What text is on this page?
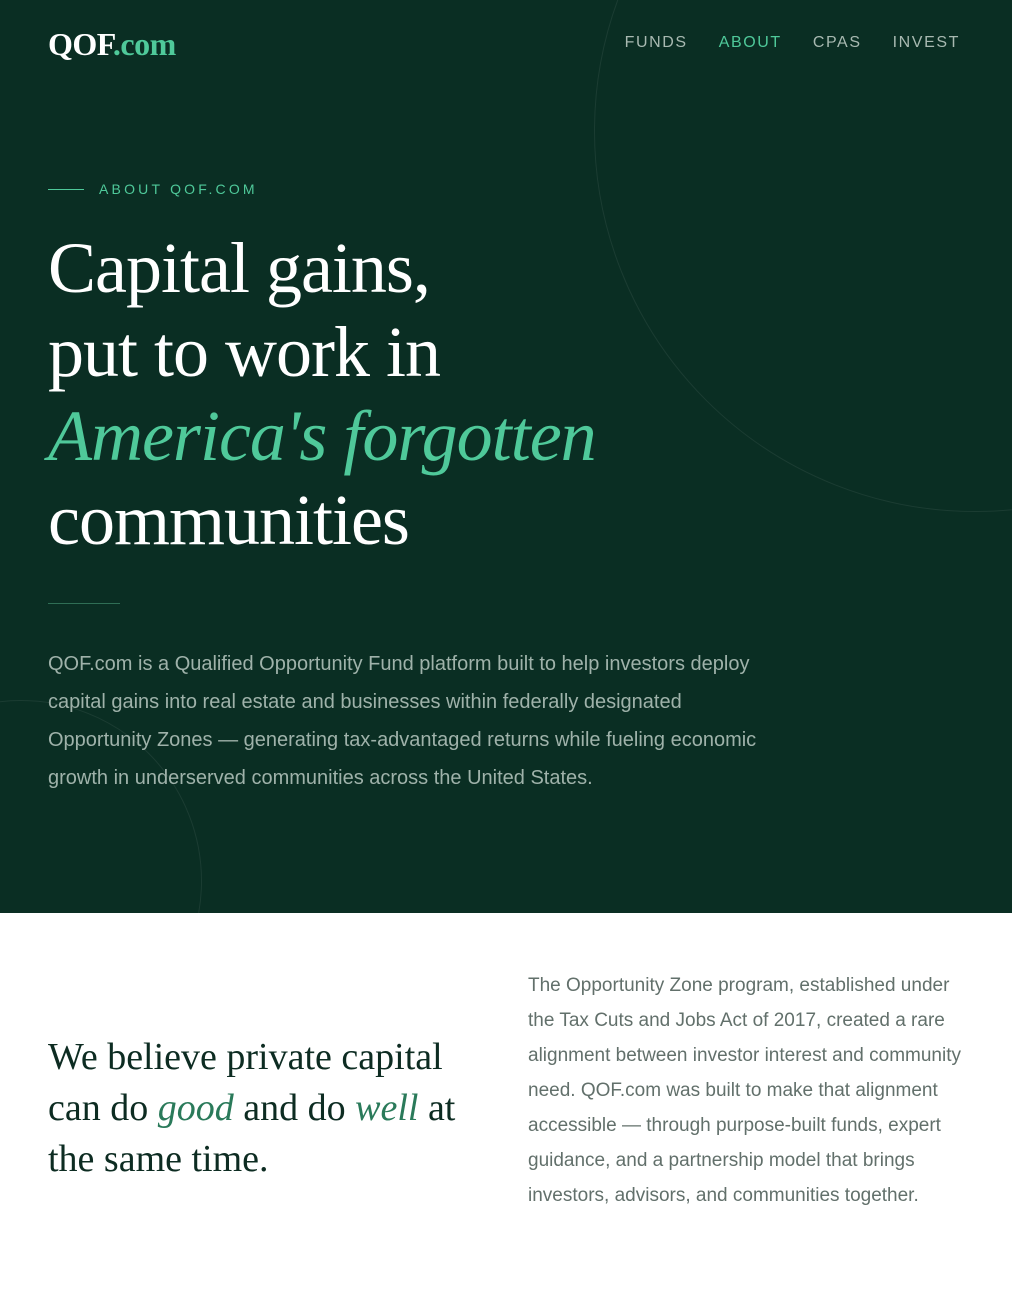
QOF.com	FUNDS ABOUT CPAS INVEST
ABOUT QOF.COM
Capital gains,
put to work in
America's forgotten
communities

QOF.com is a Qualified Opportunity Fund platform built to help investors deploy capital gains into real estate and businesses within federally designated Opportunity Zones — generating tax-advantaged returns while fueling economic growth in underserved communities across the United States.

We believe private capital can do good and do well at the same time.

The Opportunity Zone program, established under the Tax Cuts and Jobs Act of 2017, created a rare alignment between investor interest and community need. QOF.com was built to make that alignment accessible — through purpose-built funds, expert guidance, and a partnership model that brings investors, advisors, and communities together.
